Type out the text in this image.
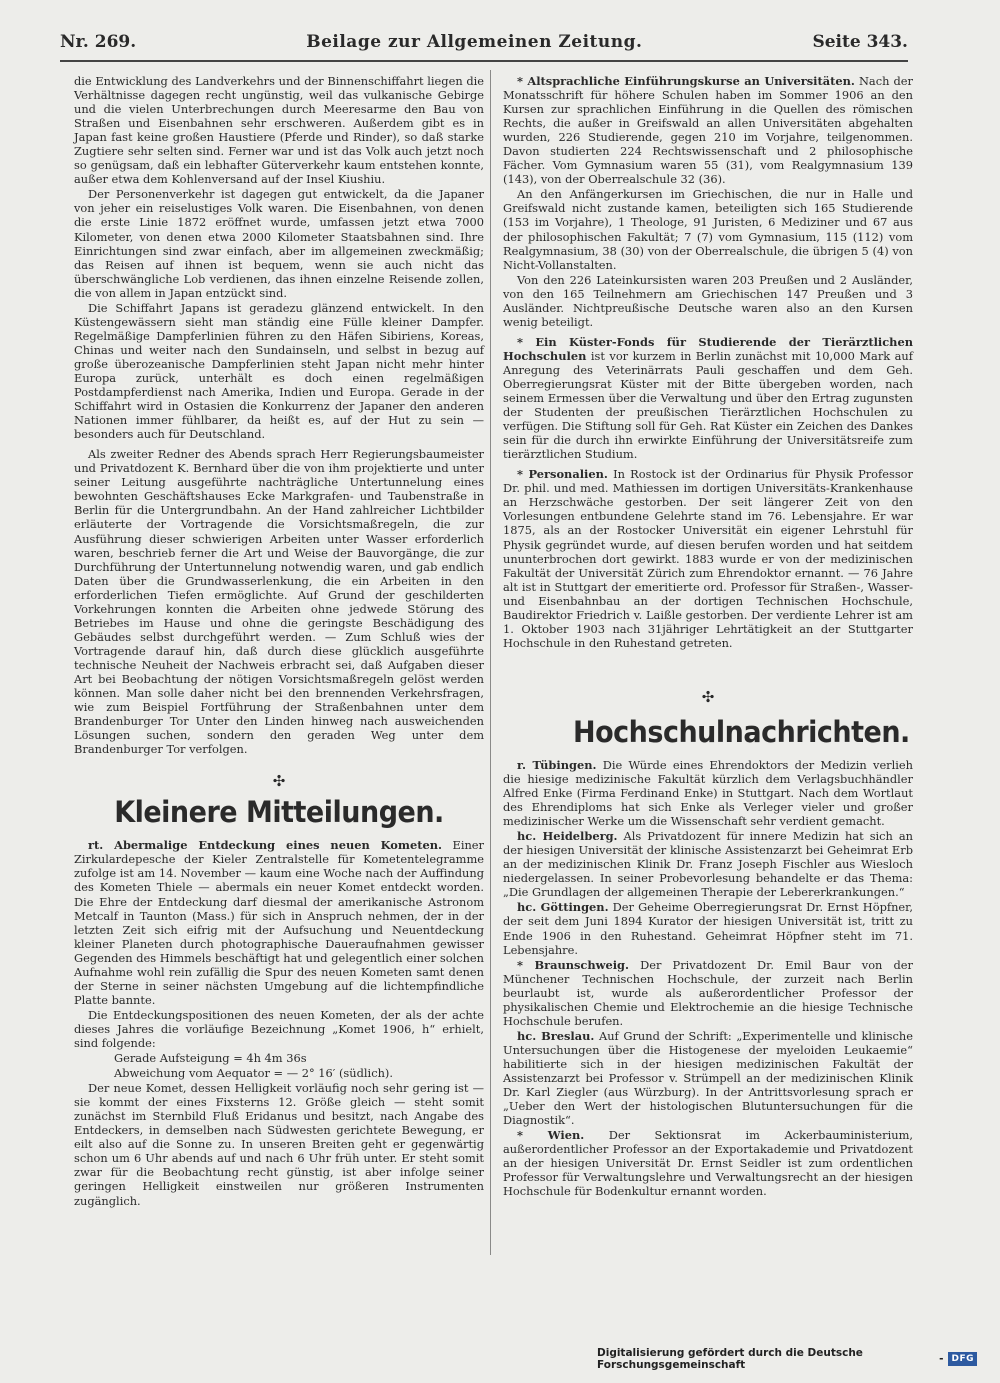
Nr. 269.	Beilage zur Allgemeinen Zeitung.	Seite 343.

die Entwicklung des Landverkehrs und der Binnenschiffahrt liegen die Verhältnisse dagegen recht ungünstig, weil das vulkanische Gebirge und die vielen Unterbrechungen durch Meeresarme den Bau von Straßen und Eisenbahnen sehr erschweren. Außerdem gibt es in Japan fast keine großen Haustiere (Pferde und Rinder), so daß starke Zugtiere sehr selten sind. Ferner war und ist das Volk auch jetzt noch so genügsam, daß ein lebhafter Güterverkehr kaum entstehen konnte, außer etwa dem Kohlenversand auf der Insel Kiushiu.

Der Personenverkehr ist dagegen gut entwickelt, da die Japaner von jeher ein reiselustiges Volk waren. Die Eisenbahnen, von denen die erste Linie 1872 eröffnet wurde, umfassen jetzt etwa 7000 Kilometer, von denen etwa 2000 Kilometer Staatsbahnen sind. Ihre Einrichtungen sind zwar einfach, aber im allgemeinen zweckmäßig; das Reisen auf ihnen ist bequem, wenn sie auch nicht das überschwängliche Lob verdienen, das ihnen einzelne Reisende zollen, die von allem in Japan entzückt sind.

Die Schiffahrt Japans ist geradezu glänzend entwickelt. In den Küstengewässern sieht man ständig eine Fülle kleiner Dampfer. Regelmäßige Dampferlinien führen zu den Häfen Sibiriens, Koreas, Chinas und weiter nach den Sundainseln, und selbst in bezug auf große überozeanische Dampferlinien steht Japan nicht mehr hinter Europa zurück, unterhält es doch einen regelmäßigen Postdampferdienst nach Amerika, Indien und Europa. Gerade in der Schiffahrt wird in Ostasien die Konkurrenz der Japaner den anderen Nationen immer fühlbarer, da heißt es, auf der Hut zu sein — besonders auch für Deutschland.

Als zweiter Redner des Abends sprach Herr Regierungsbaumeister und Privatdozent K. Bernhard über die von ihm projektierte und unter seiner Leitung ausgeführte nachträgliche Untertunnelung eines bewohnten Geschäftshauses Ecke Markgrafen- und Taubenstraße in Berlin für die Untergrundbahn. An der Hand zahlreicher Lichtbilder erläuterte der Vortragende die Vorsichtsmaßregeln, die zur Ausführung dieser schwierigen Arbeiten unter Wasser erforderlich waren, beschrieb ferner die Art und Weise der Bauvorgänge, die zur Durchführung der Untertunnelung notwendig waren, und gab endlich Daten über die Grundwasserlenkung, die ein Arbeiten in den erforderlichen Tiefen ermöglichte. Auf Grund der geschilderten Vorkehrungen konnten die Arbeiten ohne jedwede Störung des Betriebes im Hause und ohne die geringste Beschädigung des Gebäudes selbst durchgeführt werden. — Zum Schluß wies der Vortragende darauf hin, daß durch diese glücklich ausgeführte technische Neuheit der Nachweis erbracht sei, daß Aufgaben dieser Art bei Beobachtung der nötigen Vorsichtsmaßregeln gelöst werden können. Man solle daher nicht bei den brennenden Verkehrsfragen, wie zum Beispiel Fortführung der Straßenbahnen unter dem Brandenburger Tor Unter den Linden hinweg nach ausweichenden Lösungen suchen, sondern den geraden Weg unter dem Brandenburger Tor verfolgen.

✣
Kleinere Mitteilungen.

rt. Abermalige Entdeckung eines neuen Kometen. Einer Zirkulardepesche der Kieler Zentralstelle für Kometentelegramme zufolge ist am 14. November — kaum eine Woche nach der Auffindung des Kometen Thiele — abermals ein neuer Komet entdeckt worden. Die Ehre der Entdeckung darf diesmal der amerikanische Astronom Metcalf in Taunton (Mass.) für sich in Anspruch nehmen, der in der letzten Zeit sich eifrig mit der Aufsuchung und Neuentdeckung kleiner Planeten durch photographische Daueraufnahmen gewisser Gegenden des Himmels beschäftigt hat und gelegentlich einer solchen Aufnahme wohl rein zufällig die Spur des neuen Kometen samt denen der Sterne in seiner nächsten Umgebung auf die lichtempfindliche Platte bannte.

Die Entdeckungspositionen des neuen Kometen, der als der achte dieses Jahres die vorläufige Bezeichnung „Komet 1906, h“ erhielt, sind folgende:

Gerade Aufsteigung = 4h 4m 36s

Abweichung vom Aequator = — 2° 16′ (südlich).

Der neue Komet, dessen Helligkeit vorläufig noch sehr gering ist — sie kommt der eines Fixsterns 12. Größe gleich — steht somit zunächst im Sternbild Fluß Eridanus und besitzt, nach Angabe des Entdeckers, in demselben nach Südwesten gerichtete Bewegung, er eilt also auf die Sonne zu. In unseren Breiten geht er gegenwärtig schon um 6 Uhr abends auf und nach 6 Uhr früh unter. Er steht somit zwar für die Beobachtung recht günstig, ist aber infolge seiner geringen Helligkeit einstweilen nur größeren Instrumenten zugänglich.

* Altsprachliche Einführungskurse an Universitäten. Nach der Monatsschrift für höhere Schulen haben im Sommer 1906 an den Kursen zur sprachlichen Einführung in die Quellen des römischen Rechts, die außer in Greifswald an allen Universitäten abgehalten wurden, 226 Studierende, gegen 210 im Vorjahre, teilgenommen. Davon studierten 224 Rechtswissenschaft und 2 philosophische Fächer. Vom Gymnasium waren 55 (31), vom Realgymnasium 139 (143), von der Oberrealschule 32 (36).

An den Anfängerkursen im Griechischen, die nur in Halle und Greifswald nicht zustande kamen, beteiligten sich 165 Studierende (153 im Vorjahre), 1 Theologe, 91 Juristen, 6 Mediziner und 67 aus der philosophischen Fakultät; 7 (7) vom Gymnasium, 115 (112) vom Realgymnasium, 38 (30) von der Oberrealschule, die übrigen 5 (4) von Nicht-Vollanstalten.

Von den 226 Lateinkursisten waren 203 Preußen und 2 Ausländer, von den 165 Teilnehmern am Griechischen 147 Preußen und 3 Ausländer. Nichtpreußische Deutsche waren also an den Kursen wenig beteiligt.

* Ein Küster-Fonds für Studierende der Tierärztlichen Hochschulen ist vor kurzem in Berlin zunächst mit 10,000 Mark auf Anregung des Veterinärrats Pauli geschaffen und dem Geh. Oberregierungsrat Küster mit der Bitte übergeben worden, nach seinem Ermessen über die Verwaltung und über den Ertrag zugunsten der Studenten der preußischen Tierärztlichen Hochschulen zu verfügen. Die Stiftung soll für Geh. Rat Küster ein Zeichen des Dankes sein für die durch ihn erwirkte Einführung der Universitätsreife zum tierärztlichen Studium.

* Personalien. In Rostock ist der Ordinarius für Physik Professor Dr. phil. und med. Mathiessen im dortigen Universitäts-Krankenhause an Herzschwäche gestorben. Der seit längerer Zeit von den Vorlesungen entbundene Gelehrte stand im 76. Lebensjahre. Er war 1875, als an der Rostocker Universität ein eigener Lehrstuhl für Physik gegründet wurde, auf diesen berufen worden und hat seitdem ununterbrochen dort gewirkt. 1883 wurde er von der medizinischen Fakultät der Universität Zürich zum Ehrendoktor ernannt. — 76 Jahre alt ist in Stuttgart der emeritierte ord. Professor für Straßen-, Wasser- und Eisenbahnbau an der dortigen Technischen Hochschule, Baudirektor Friedrich v. Laißle gestorben. Der verdiente Lehrer ist am 1. Oktober 1903 nach 31jähriger Lehrtätigkeit an der Stuttgarter Hochschule in den Ruhestand getreten.

✣
Hochschulnachrichten.

r. Tübingen. Die Würde eines Ehrendoktors der Medizin verlieh die hiesige medizinische Fakultät kürzlich dem Verlagsbuchhändler Alfred Enke (Firma Ferdinand Enke) in Stuttgart. Nach dem Wortlaut des Ehrendiploms hat sich Enke als Verleger vieler und großer medizinischer Werke um die Wissenschaft sehr verdient gemacht.

hc. Heidelberg. Als Privatdozent für innere Medizin hat sich an der hiesigen Universität der klinische Assistenzarzt bei Geheimrat Erb an der medizinischen Klinik Dr. Franz Joseph Fischler aus Wiesloch niedergelassen. In seiner Probevorlesung behandelte er das Thema: „Die Grundlagen der allgemeinen Therapie der Lebererkrankungen.“

hc. Göttingen. Der Geheime Oberregierungsrat Dr. Ernst Höpfner, der seit dem Juni 1894 Kurator der hiesigen Universität ist, tritt zu Ende 1906 in den Ruhestand. Geheimrat Höpfner steht im 71. Lebensjahre.

* Braunschweig. Der Privatdozent Dr. Emil Baur von der Münchener Technischen Hochschule, der zurzeit nach Berlin beurlaubt ist, wurde als außerordentlicher Professor der physikalischen Chemie und Elektrochemie an die hiesige Technische Hochschule berufen.

hc. Breslau. Auf Grund der Schrift: „Experimentelle und klinische Untersuchungen über die Histogenese der myeloiden Leukaemie“ habilitierte sich in der hiesigen medizinischen Fakultät der Assistenzarzt bei Professor v. Strümpell an der medizinischen Klinik Dr. Karl Ziegler (aus Würzburg). In der Antrittsvorlesung sprach er „Ueber den Wert der histologischen Blutuntersuchungen für die Diagnostik“.

* Wien. Der Sektionsrat im Ackerbauministerium, außerordentlicher Professor an der Exportakademie und Privatdozent an der hiesigen Universität Dr. Ernst Seidler ist zum ordentlichen Professor für Verwaltungslehre und Verwaltungsrecht an der hiesigen Hochschule für Bodenkultur ernannt worden.

Digitalisierung gefördert durch die Deutsche Forschungsgemeinschaft	- DFG
